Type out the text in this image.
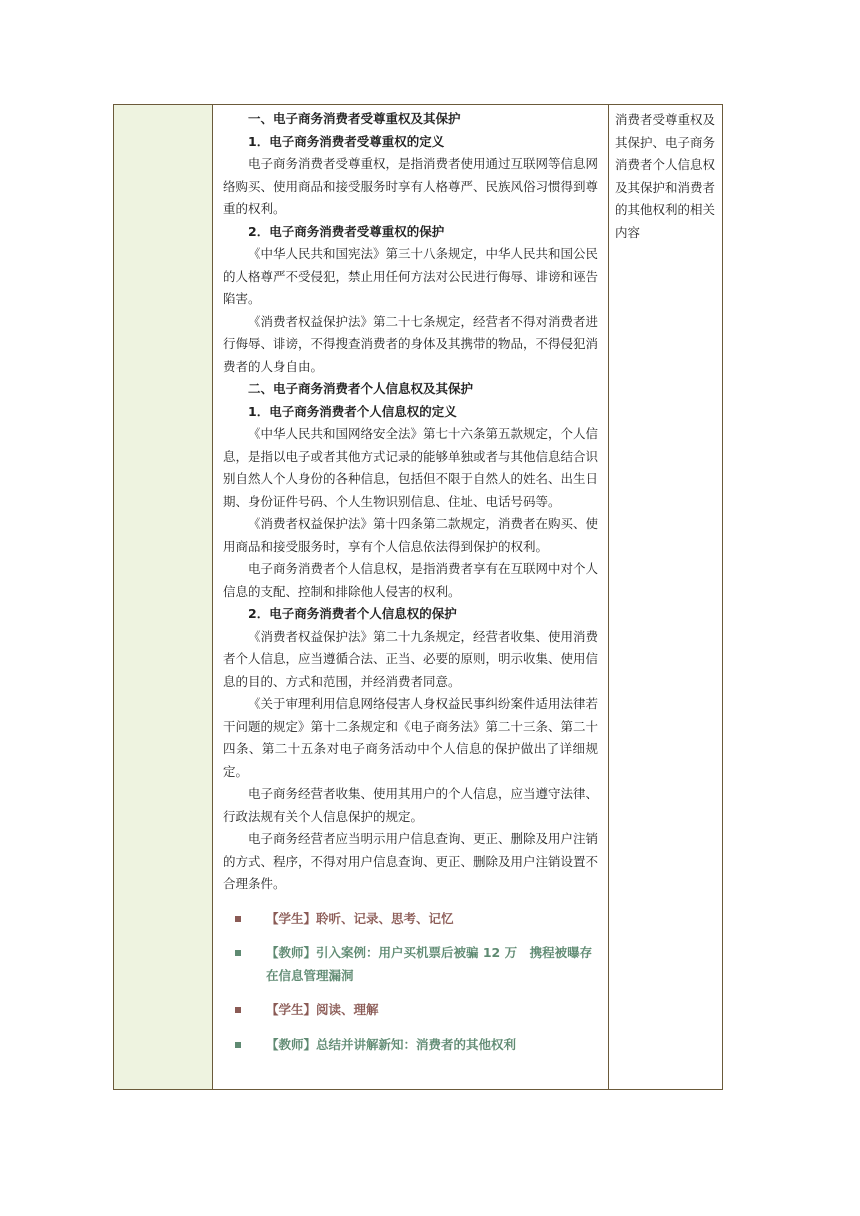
一、电子商务消费者受尊重权及其保护
1．电子商务消费者受尊重权的定义
电子商务消费者受尊重权，是指消费者使用通过互联网等信息网络购买、使用商品和接受服务时享有人格尊严、民族风俗习惯得到尊重的权利。
2．电子商务消费者受尊重权的保护
《中华人民共和国宪法》第三十八条规定，中华人民共和国公民的人格尊严不受侵犯，禁止用任何方法对公民进行侮辱、诽谤和诬告陷害。
《消费者权益保护法》第二十七条规定，经营者不得对消费者进行侮辱、诽谤，不得搜查消费者的身体及其携带的物品，不得侵犯消费者的人身自由。
二、电子商务消费者个人信息权及其保护
1．电子商务消费者个人信息权的定义
《中华人民共和国网络安全法》第七十六条第五款规定，个人信息，是指以电子或者其他方式记录的能够单独或者与其他信息结合识别自然人个人身份的各种信息，包括但不限于自然人的姓名、出生日期、身份证件号码、个人生物识别信息、住址、电话号码等。
《消费者权益保护法》第十四条第二款规定，消费者在购买、使用商品和接受服务时，享有个人信息依法得到保护的权利。
电子商务消费者个人信息权，是指消费者享有在互联网中对个人信息的支配、控制和排除他人侵害的权利。
2．电子商务消费者个人信息权的保护
《消费者权益保护法》第二十九条规定，经营者收集、使用消费者个人信息，应当遵循合法、正当、必要的原则，明示收集、使用信息的目的、方式和范围，并经消费者同意。
《关于审理利用信息网络侵害人身权益民事纠纷案件适用法律若干问题的规定》第十二条规定和《电子商务法》第二十三条、第二十四条、第二十五条对电子商务活动中个人信息的保护做出了详细规定。
电子商务经营者收集、使用其用户的个人信息，应当遵守法律、行政法规有关个人信息保护的规定。
电子商务经营者应当明示用户信息查询、更正、删除及用户注销的方式、程序，不得对用户信息查询、更正、删除及用户注销设置不合理条件。
【学生】聆听、记录、思考、记忆
【教师】引入案例：用户买机票后被骗 12 万　携程被曝存在信息管理漏洞
【学生】阅读、理解
【教师】总结并讲解新知：消费者的其他权利
消费者受尊重权及其保护、电子商务消费者个人信息权及其保护和消费者的其他权利的相关内容
